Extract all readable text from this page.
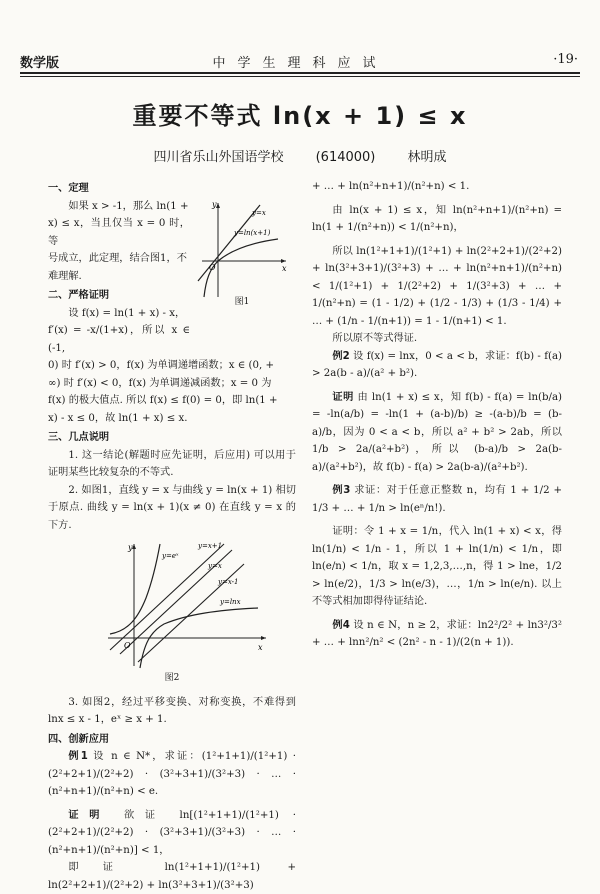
数学版	中学生理科应试	·19·
重要不等式 ln(x + 1) ≤ x
四川省乐山外国语学校 (614000) 林明成
y
x
O
y=x
y=ln(x+1)
图1
一、定理

如果 x > -1，那么 ln(1 +

x) ≤ x，当且仅当 x = 0 时，等

号成立，此定理，结合图1，不

难理解.

二、严格证明

设 f(x) = ln(1 + x) - x，

f′(x) = -x/(1+x)，所以 x ∈ (-1,

0) 时 f′(x) > 0，f(x) 为单调递增函数；x ∈ (0, +

∞) 时 f′(x) < 0，f(x) 为单调递减函数；x = 0 为

f(x) 的极大值点. 所以 f(x) ≤ f(0) = 0，即 ln(1 +

x) - x ≤ 0，故 ln(1 + x) ≤ x.

三、几点说明

1. 这一结论(解题时应先证明，后应用) 可以用于证明某些比较复杂的不等式.

2. 如图1，直线 y = x 与曲线 y = ln(x + 1) 相切于原点. 曲线 y = ln(x + 1)(x ≠ 0) 在直线 y = x 的下方.

y
x
O
y=x+1
y=eˣ
y=x
y=x-1
y=lnx
图2

3. 如图2，经过平移变换、对称变换，不难得到 lnx ≤ x - 1，eˣ ≥ x + 1.

四、创新应用

例1 设 n ∈ N*，求证：(1²+1+1)/(1²+1) · (2²+2+1)/(2²+2) · (3²+3+1)/(3²+3) · … · (n²+n+1)/(n²+n) < e.

证明 欲证 ln[(1²+1+1)/(1²+1) · (2²+2+1)/(2²+2) · (3²+3+1)/(3²+3) · … · (n²+n+1)/(n²+n)] < 1，

即证 ln(1²+1+1)/(1²+1) + ln(2²+2+1)/(2²+2) + ln(3²+3+1)/(3²+3)

+ … + ln(n²+n+1)/(n²+n) < 1.

由 ln(x + 1) ≤ x，知 ln(n²+n+1)/(n²+n) = ln(1 + 1/(n²+n)) < 1/(n²+n)，

所以 ln(1²+1+1)/(1²+1) + ln(2²+2+1)/(2²+2) + ln(3²+3+1)/(3²+3) + … + ln(n²+n+1)/(n²+n) < 1/(1²+1) + 1/(2²+2) + 1/(3²+3) + … + 1/(n²+n) = (1 - 1/2) + (1/2 - 1/3) + (1/3 - 1/4) + … + (1/n - 1/(n+1)) = 1 - 1/(n+1) < 1.

所以原不等式得证.

例2 设 f(x) = lnx，0 < a < b，求证：f(b) - f(a) > 2a(b - a)/(a² + b²).

证明 由 ln(1 + x) ≤ x，知 f(b) - f(a) = ln(b/a) = -ln(a/b) = -ln(1 + (a-b)/b) ≥ -(a-b)/b = (b-a)/b，因为 0 < a < b，所以 a² + b² > 2ab，所以 1/b > 2a/(a²+b²)，所以 (b-a)/b > 2a(b-a)/(a²+b²)，故 f(b) - f(a) > 2a(b-a)/(a²+b²).

例3 求证：对于任意正整数 n，均有 1 + 1/2 + 1/3 + … + 1/n > ln(eⁿ/n!).

证明：令 1 + x = 1/n，代入 ln(1 + x) < x，得 ln(1/n) < 1/n - 1，所以 1 + ln(1/n) < 1/n，即 ln(e/n) < 1/n，取 x = 1,2,3,…,n，得 1 > lne，1/2 > ln(e/2)，1/3 > ln(e/3)，…，1/n > ln(e/n). 以上不等式相加即得待证结论.

例4 设 n ∈ N，n ≥ 2，求证：ln2²/2² + ln3²/3² + … + lnn²/n² < (2n² - n - 1)/(2(n + 1)).
